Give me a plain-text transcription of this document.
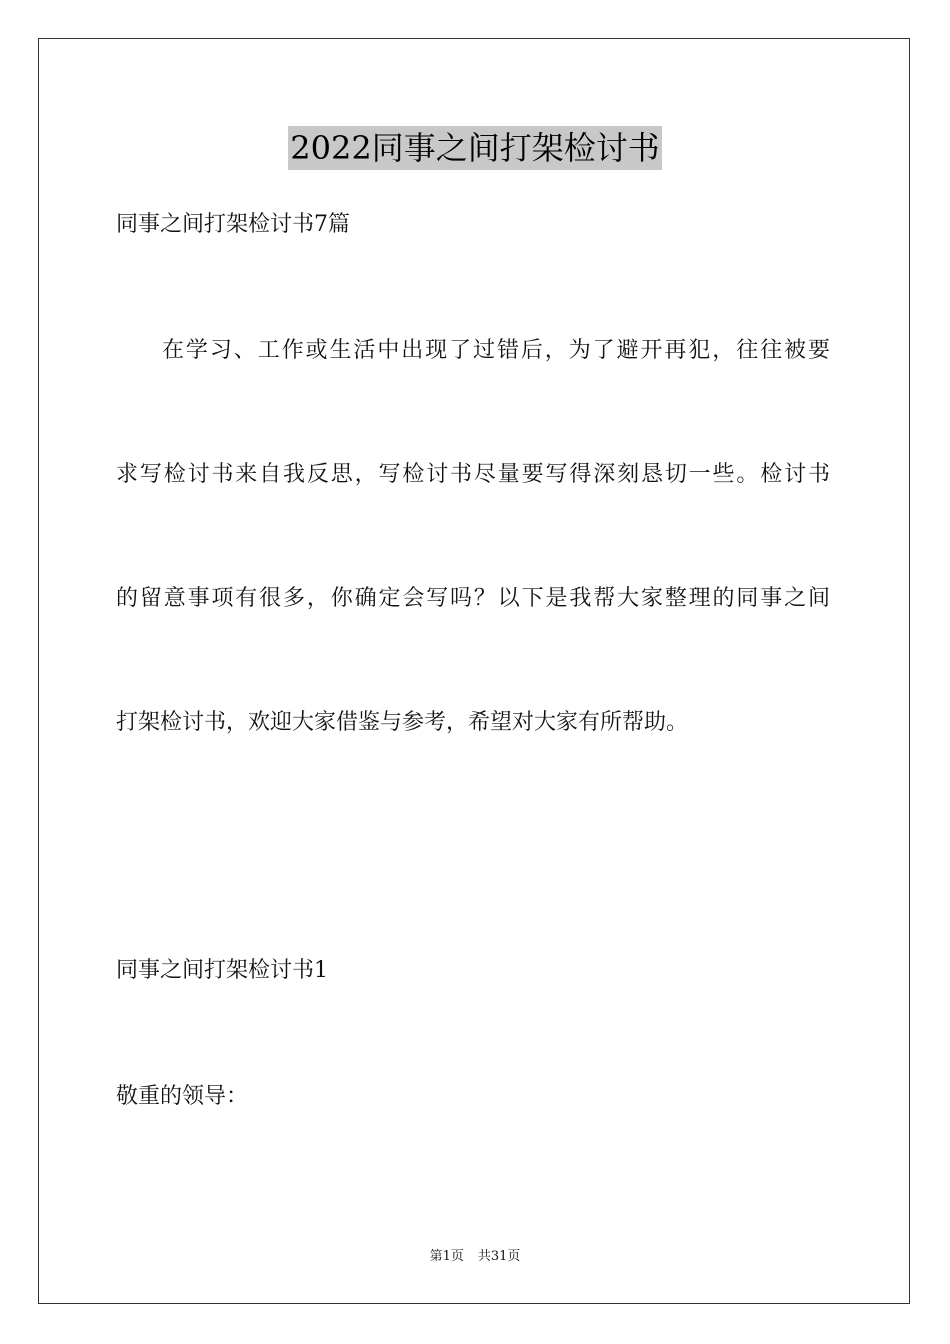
2022同事之间打架检讨书
同事之间打架检讨书7篇
在学习、工作或生活中出现了过错后，为了避开再犯，往往被要
求写检讨书来自我反思，写检讨书尽量要写得深刻恳切一些。检讨书
的留意事项有很多，你确定会写吗？以下是我帮大家整理的同事之间
打架检讨书，欢迎大家借鉴与参考，希望对大家有所帮助。
同事之间打架检讨书1
敬重的领导：
第1页 共31页
